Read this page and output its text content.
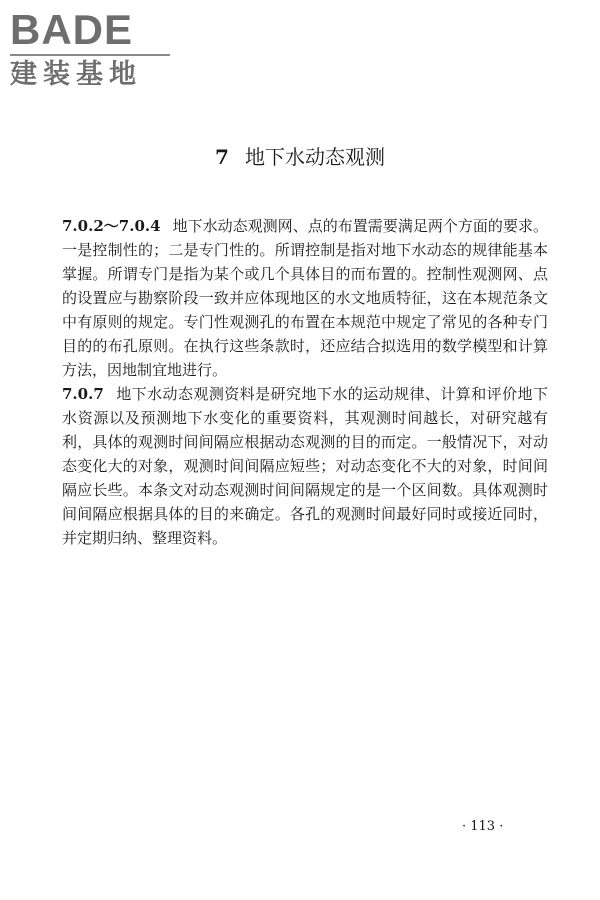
BADE
建装基地
7 地下水动态观测

7.0.2～7.0.4 地下水动态观测网、点的布置需要满足两个方面的要求。一是控制性的；二是专门性的。所谓控制是指对地下水动态的规律能基本掌握。所谓专门是指为某个或几个具体目的而布置的。控制性观测网、点的设置应与勘察阶段一致并应体现地区的水文地质特征，这在本规范条文中有原则的规定。专门性观测孔的布置在本规范中规定了常见的各种专门目的的布孔原则。在执行这些条款时，还应结合拟选用的数学模型和计算方法，因地制宜地进行。

7.0.7 地下水动态观测资料是研究地下水的运动规律、计算和评价地下水资源以及预测地下水变化的重要资料，其观测时间越长，对研究越有利，具体的观测时间间隔应根据动态观测的目的而定。一般情况下，对动态变化大的对象，观测时间间隔应短些；对动态变化不大的对象，时间间隔应长些。本条文对动态观测时间间隔规定的是一个区间数。具体观测时间间隔应根据具体的目的来确定。各孔的观测时间最好同时或接近同时，并定期归纳、整理资料。

· 113 ·
